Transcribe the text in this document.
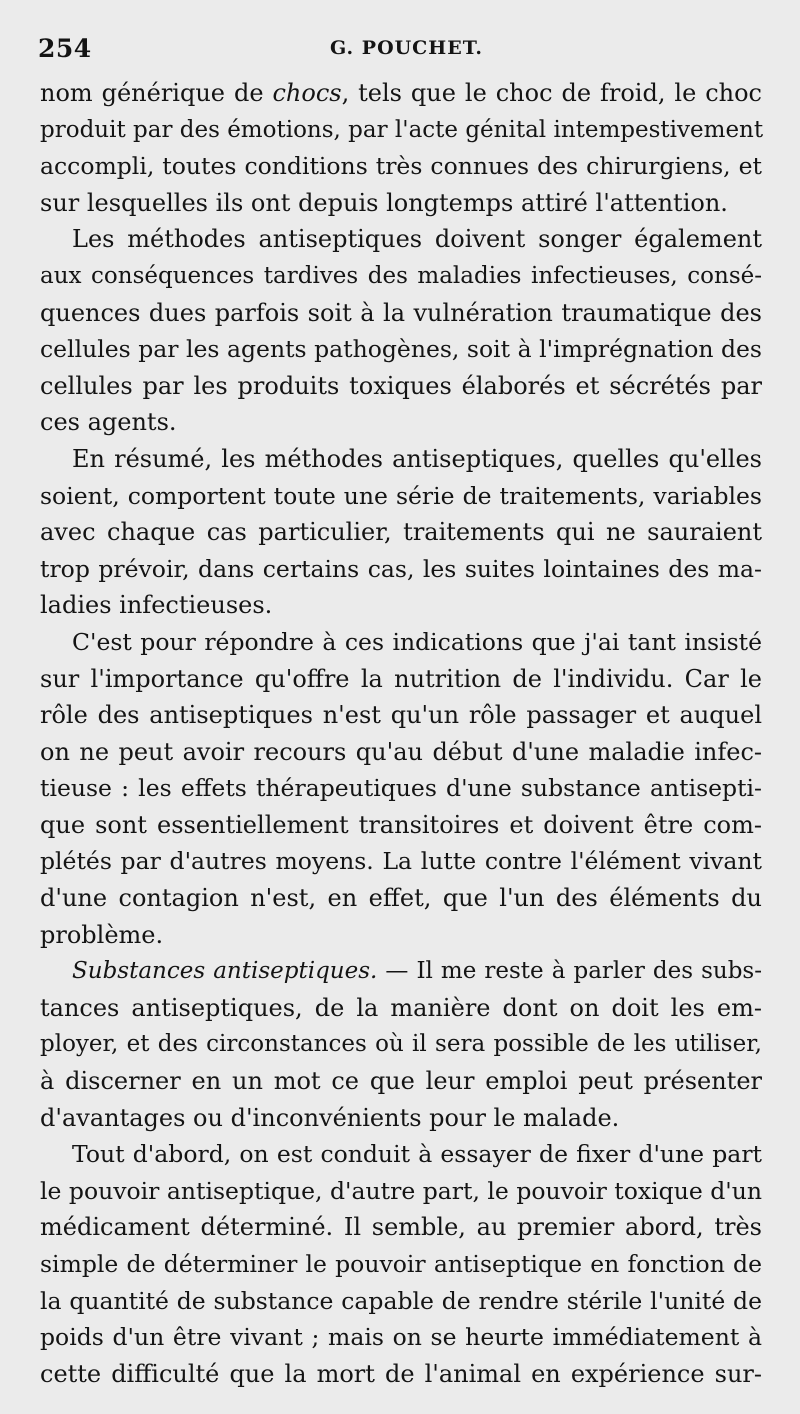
254	G. POUCHET.
nom générique de chocs, tels que le choc de froid, le choc
produit par des émotions, par l'acte génital intempestivement
accompli, toutes conditions très connues des chirurgiens, et
sur lesquelles ils ont depuis longtemps attiré l'attention.
Les méthodes antiseptiques doivent songer également
aux conséquences tardives des maladies infectieuses, consé-
quences dues parfois soit à la vulnération traumatique des
cellules par les agents pathogènes, soit à l'imprégnation des
cellules par les produits toxiques élaborés et sécrétés par
ces agents.
En résumé, les méthodes antiseptiques, quelles qu'elles
soient, comportent toute une série de traitements, variables
avec chaque cas particulier, traitements qui ne sauraient
trop prévoir, dans certains cas, les suites lointaines des ma-
ladies infectieuses.
C'est pour répondre à ces indications que j'ai tant insisté
sur l'importance qu'offre la nutrition de l'individu. Car le
rôle des antiseptiques n'est qu'un rôle passager et auquel
on ne peut avoir recours qu'au début d'une maladie infec-
tieuse : les effets thérapeutiques d'une substance antisepti-
que sont essentiellement transitoires et doivent être com-
plétés par d'autres moyens. La lutte contre l'élément vivant
d'une contagion n'est, en effet, que l'un des éléments du
problème.
Substances antiseptiques. — Il me reste à parler des subs-
tances antiseptiques, de la manière dont on doit les em-
ployer, et des circonstances où il sera possible de les utiliser,
à discerner en un mot ce que leur emploi peut présenter
d'avantages ou d'inconvénients pour le malade.
Tout d'abord, on est conduit à essayer de fixer d'une part
le pouvoir antiseptique, d'autre part, le pouvoir toxique d'un
médicament déterminé. Il semble, au premier abord, très
simple de déterminer le pouvoir antiseptique en fonction de
la quantité de substance capable de rendre stérile l'unité de
poids d'un être vivant ; mais on se heurte immédiatement à
cette difficulté que la mort de l'animal en expérience sur-
